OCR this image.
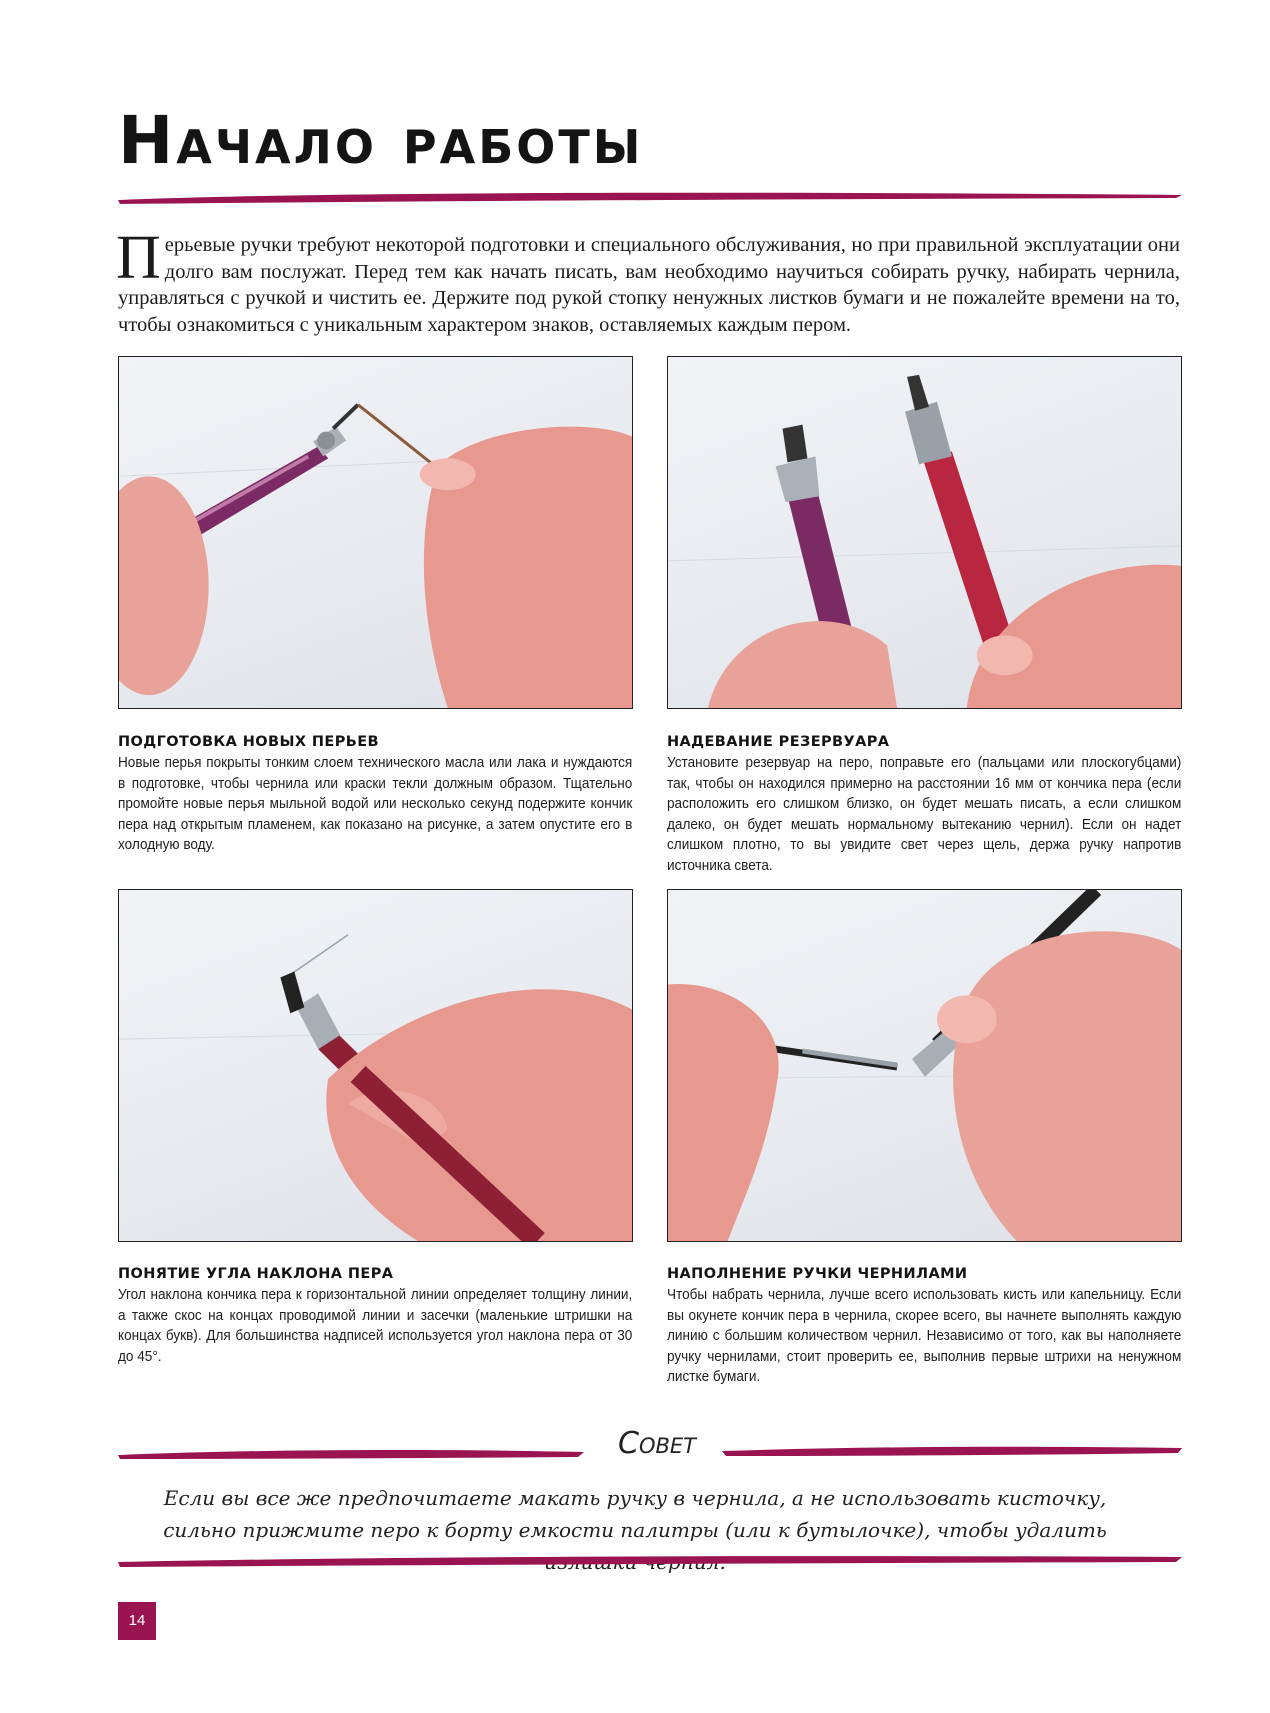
Начало работы

Перьевые ручки требуют некоторой подготовки и специального обслуживания, но при правильной эксплуатации они долго вам послужат. Перед тем как начать писать, вам необходимо научиться собирать ручку, набирать чернила, управляться с ручкой и чистить ее. Держите под рукой стопку ненужных листков бумаги и не пожалейте времени на то, чтобы ознакомиться с уникальным характером знаков, оставляемых каждым пером.

ПОДГОТОВКА НОВЫХ ПЕРЬЕВ

Новые перья покрыты тонким слоем технического масла или лака и нуждаются в подготовке, чтобы чернила или краски текли должным образом. Тщательно промойте новые перья мыльной водой или несколько секунд подержите кончик пера над открытым пламенем, как показано на рисунке, а затем опустите его в холодную воду.

НАДЕВАНИЕ РЕЗЕРВУАРА

Установите резервуар на перо, поправьте его (пальцами или плоскогубцами) так, чтобы он находился примерно на расстоянии 16 мм от кончика пера (если расположить его слишком близко, он будет мешать писать, а если слишком далеко, он будет мешать нормальному вытеканию чернил). Если он надет слишком плотно, то вы увидите свет через щель, держа ручку напротив источника света.

ПОНЯТИЕ УГЛА НАКЛОНА ПЕРА

Угол наклона кончика пера к горизонтальной линии определяет толщину линии, а также скос на концах проводимой линии и засечки (маленькие штришки на концах букв). Для большинства надписей используется угол наклона пера от 30 до 45°.

НАПОЛНЕНИЕ РУЧКИ ЧЕРНИЛАМИ

Чтобы набрать чернила, лучше всего использовать кисть или капельницу. Если вы окунете кончик пера в чернила, скорее всего, вы начнете выполнять каждую линию с большим количеством чернил. Независимо от того, как вы наполняете ручку чернилами, стоит проверить ее, выполнив первые штрихи на ненужном листке бумаги.

Совет

Если вы все же предпочитаете макать ручку в чернила, а не использовать кисточку,
сильно прижмите перо к борту емкости палитры (или к бутылочке), чтобы удалить

14
